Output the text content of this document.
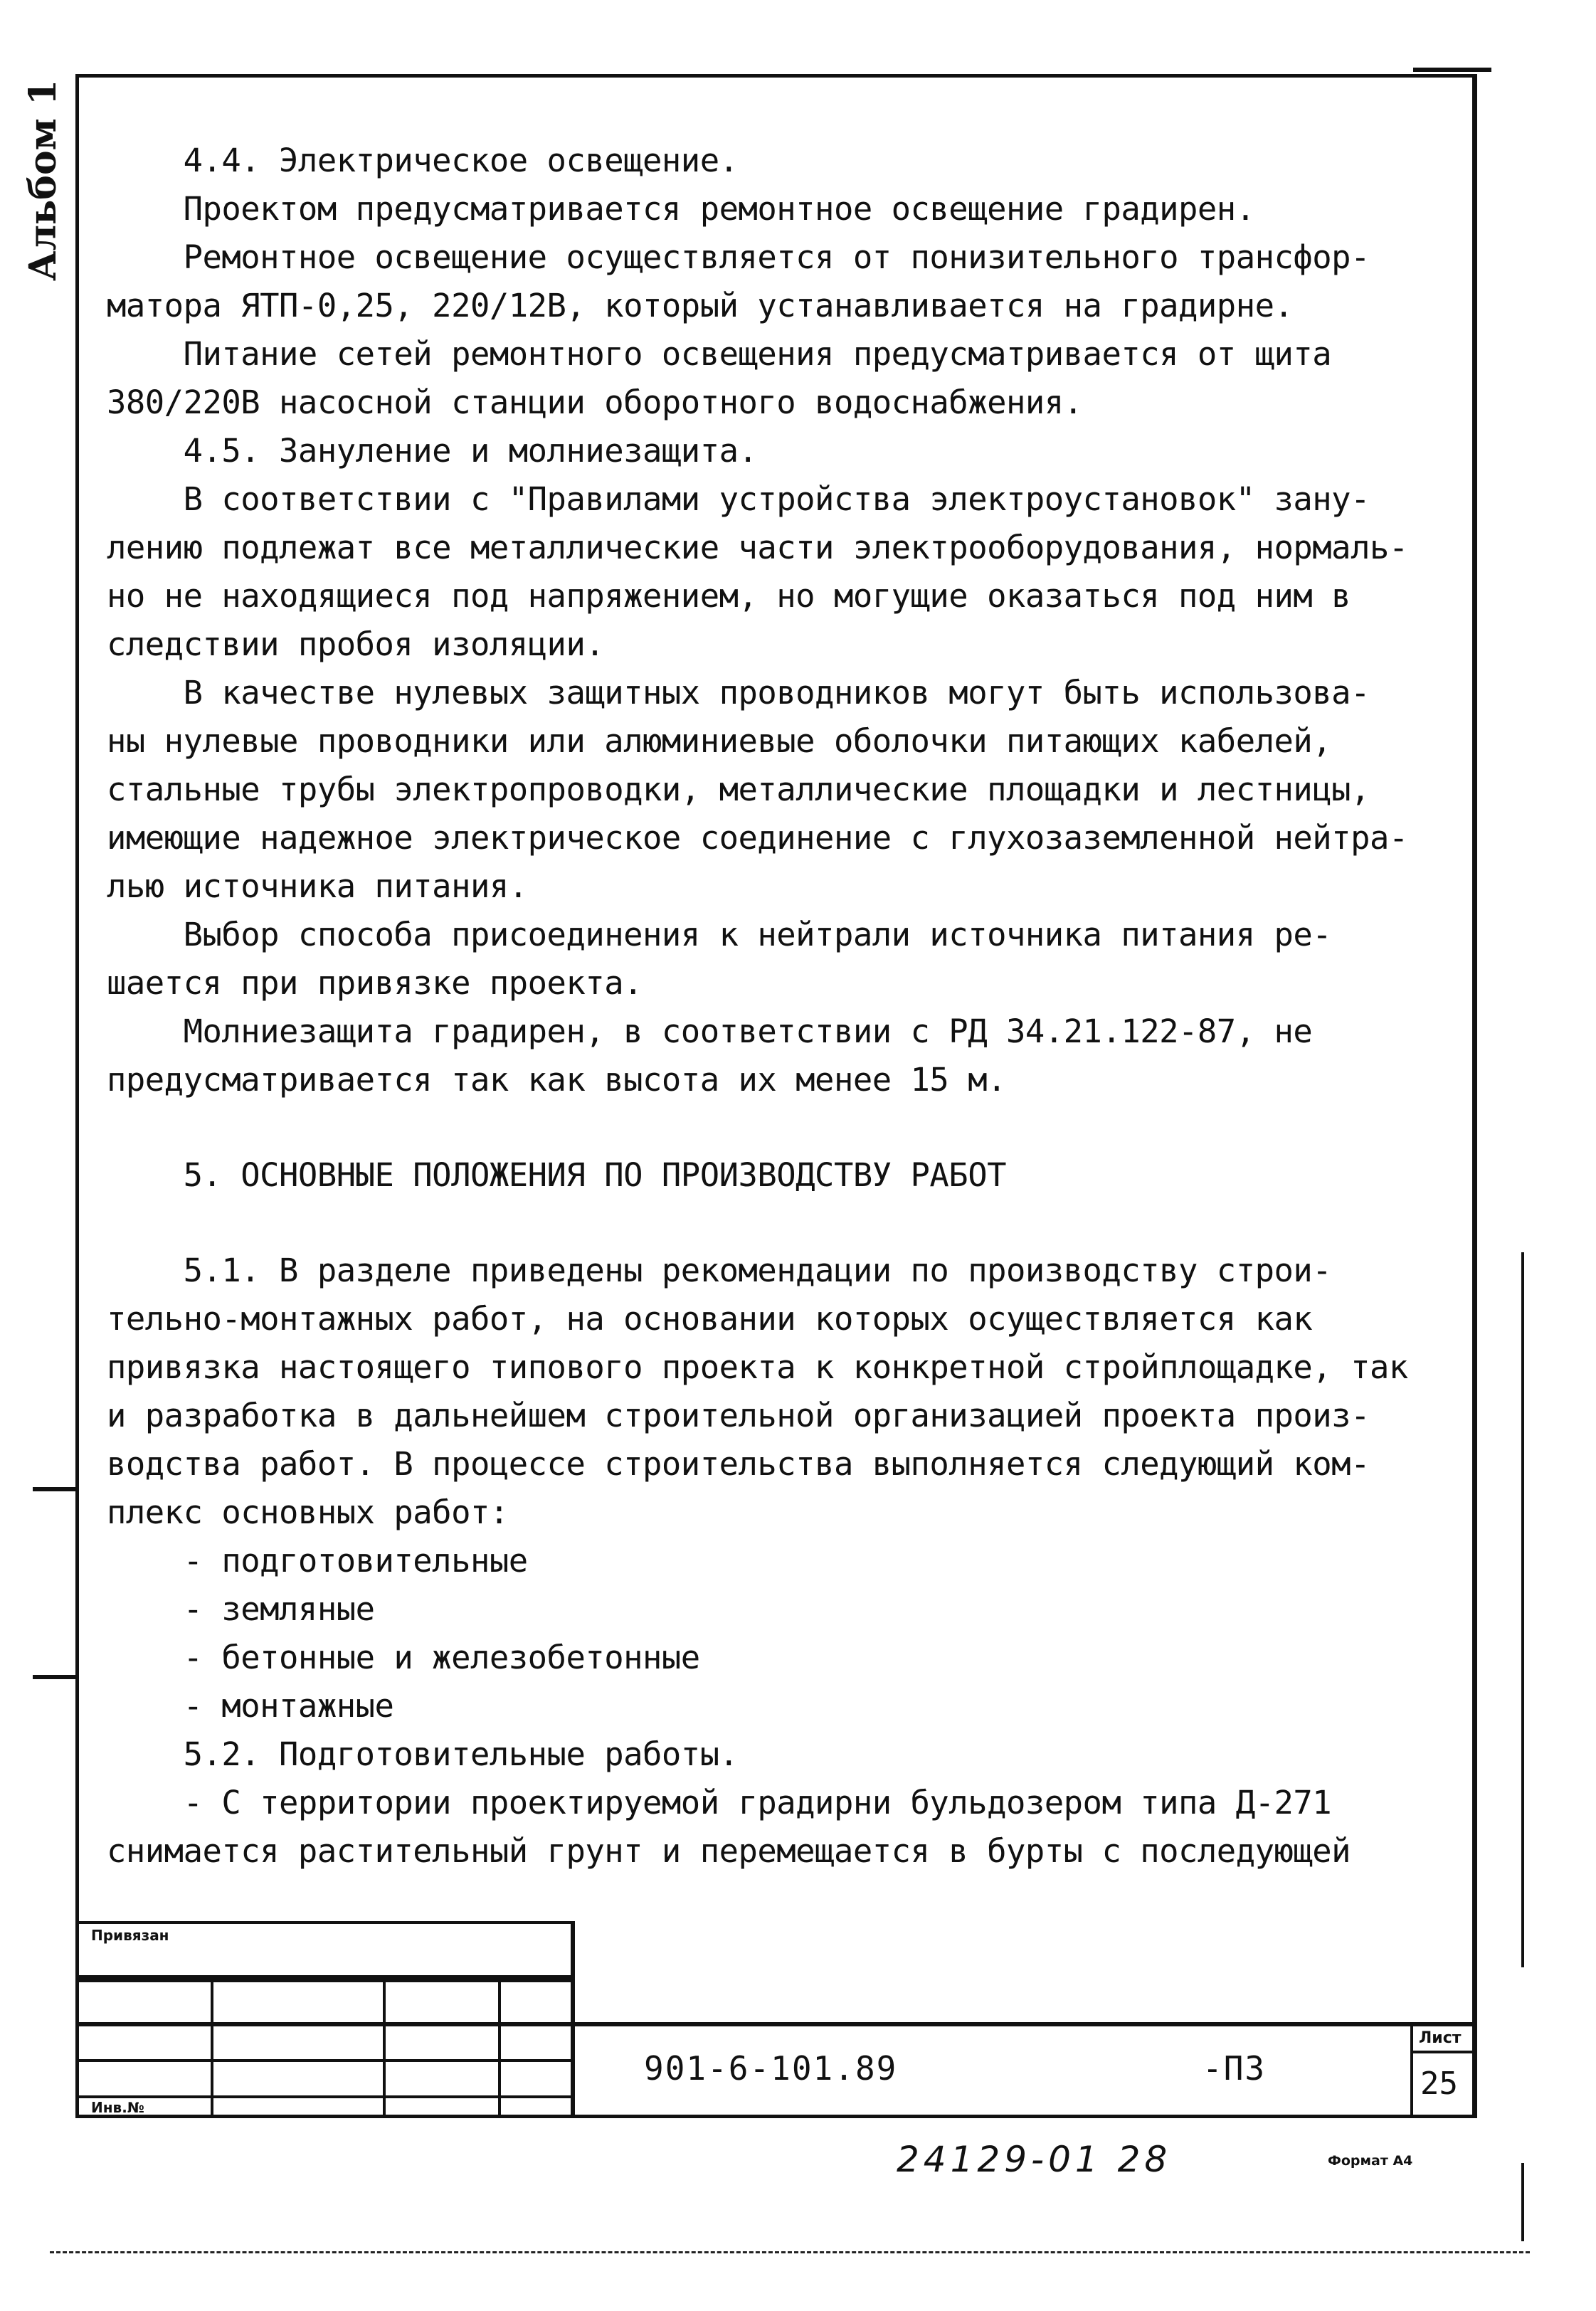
Альбом 1 4.4. Электрическое освещение.
Проектом предусматривается ремонтное освещение градирен.
Ремонтное освещение осуществляется от понизительного трансфор-
матора ЯТП-0,25, 220/12В, который устанавливается на градирне.
Питание сетей ремонтного освещения предусматривается от щита
380/220В насосной станции оборотного водоснабжения.
4.5. Зануление и молниезащита.
В соответствии с "Правилами устройства электроустановок" зану-
лению подлежат все металлические части электрооборудования, нормаль-
но не находящиеся под напряжением, но могущие оказаться под ним в
следствии пробоя изоляции.
В качестве нулевых защитных проводников могут быть использова-
ны нулевые проводники или алюминиевые оболочки питающих кабелей,
стальные трубы электропроводки, металлические площадки и лестницы,
имеющие надежное электрическое соединение с глухозаземленной нейтра-
лью источника питания.
Выбор способа присоединения к нейтрали источника питания ре-
шается при привязке проекта.
Молниезащита градирен, в соответствии с РД 34.21.122-87, не
предусматривается так как высота их менее 15 м.
5. ОСНОВНЫЕ ПОЛОЖЕНИЯ ПО ПРОИЗВОДСТВУ РАБОТ
5.1. В разделе приведены рекомендации по производству строи-
тельно-монтажных работ, на основании которых осуществляется как
привязка настоящего типового проекта к конкретной стройплощадке, так
и разработка в дальнейшем строительной организацией проекта произ-
водства работ. В процессе строительства выполняется следующий ком-
плекс основных работ:
- подготовительные
- земляные
- бетонные и железобетонные
- монтажные
5.2. Подготовительные работы.
- С территории проектируемой градирни бульдозером типа Д-271
снимается растительный грунт и перемещается в бурты с последующей
Привязан
Инв.№
901-6-101.89	-ПЗ
Лист
25
24129-01 28	Формат А4
